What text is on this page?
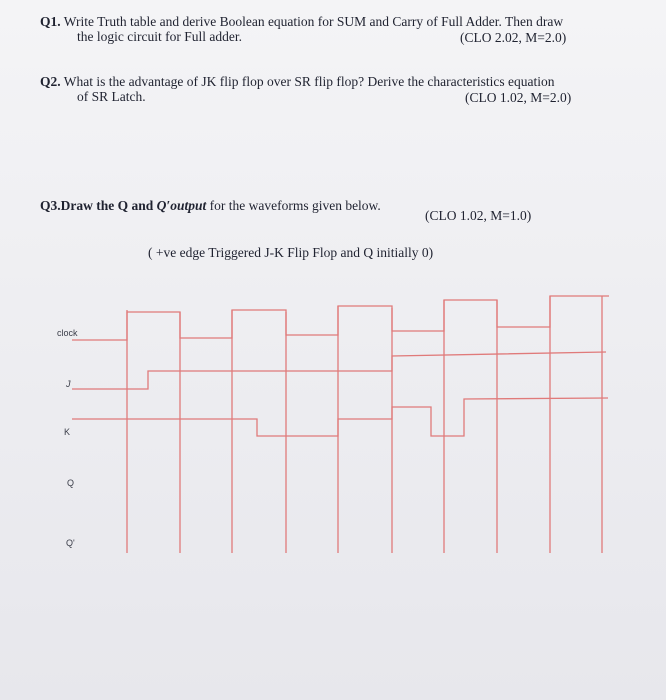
Q1. Write Truth table and derive Boolean equation for SUM and Carry of Full Adder. Then draw
the logic circuit for Full adder.	(CLO 2.02, M=2.0)
Q2. What is the advantage of JK flip flop over SR flip flop? Derive the characteristics equation
of SR Latch.	(CLO 1.02, M=2.0)
Q3.Draw the Q and Q′output for the waveforms given below.
(CLO 1.02, M=1.0)
( +ve edge Triggered J-K Flip Flop and Q initially 0)
clock
J
K
Q
Q'
